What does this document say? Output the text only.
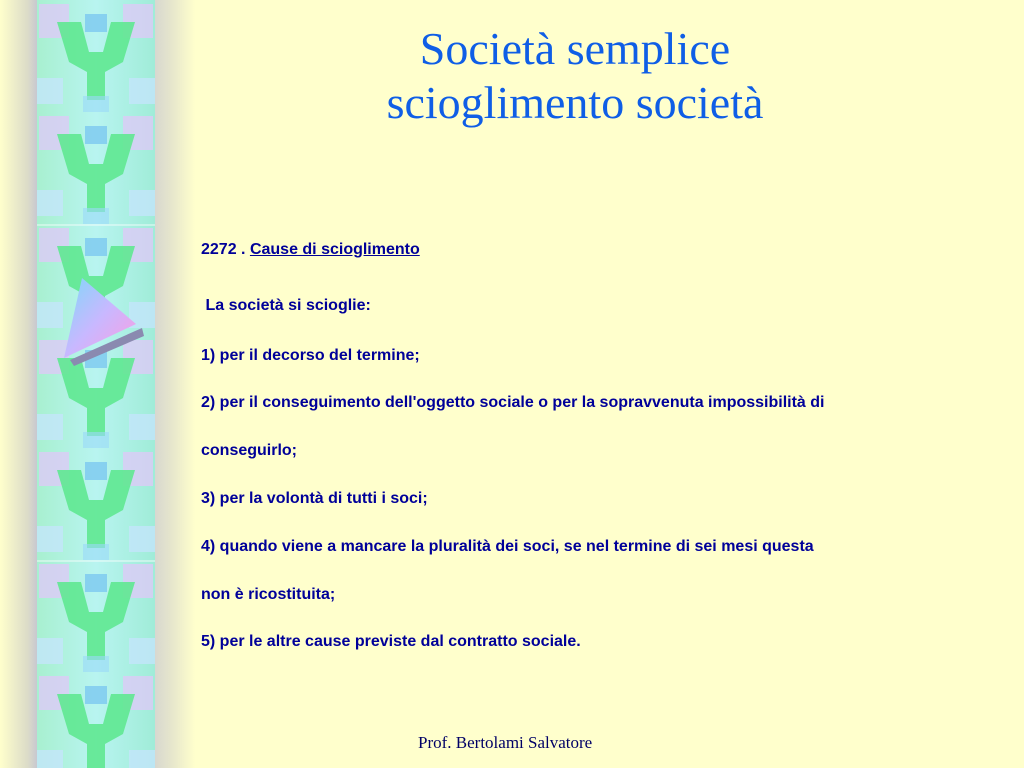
Società semplice
scioglimento società
2272 . Cause di scioglimento
La società si scioglie:
1) per il decorso del termine;
2) per il conseguimento dell'oggetto sociale o per la sopravvenuta impossibilità di
conseguirlo;
3) per la volontà di tutti i soci;
4) quando viene a mancare la pluralità dei soci, se nel termine di sei mesi questa
non è ricostituita;
5) per le altre cause previste dal contratto sociale.
Prof. Bertolami Salvatore
